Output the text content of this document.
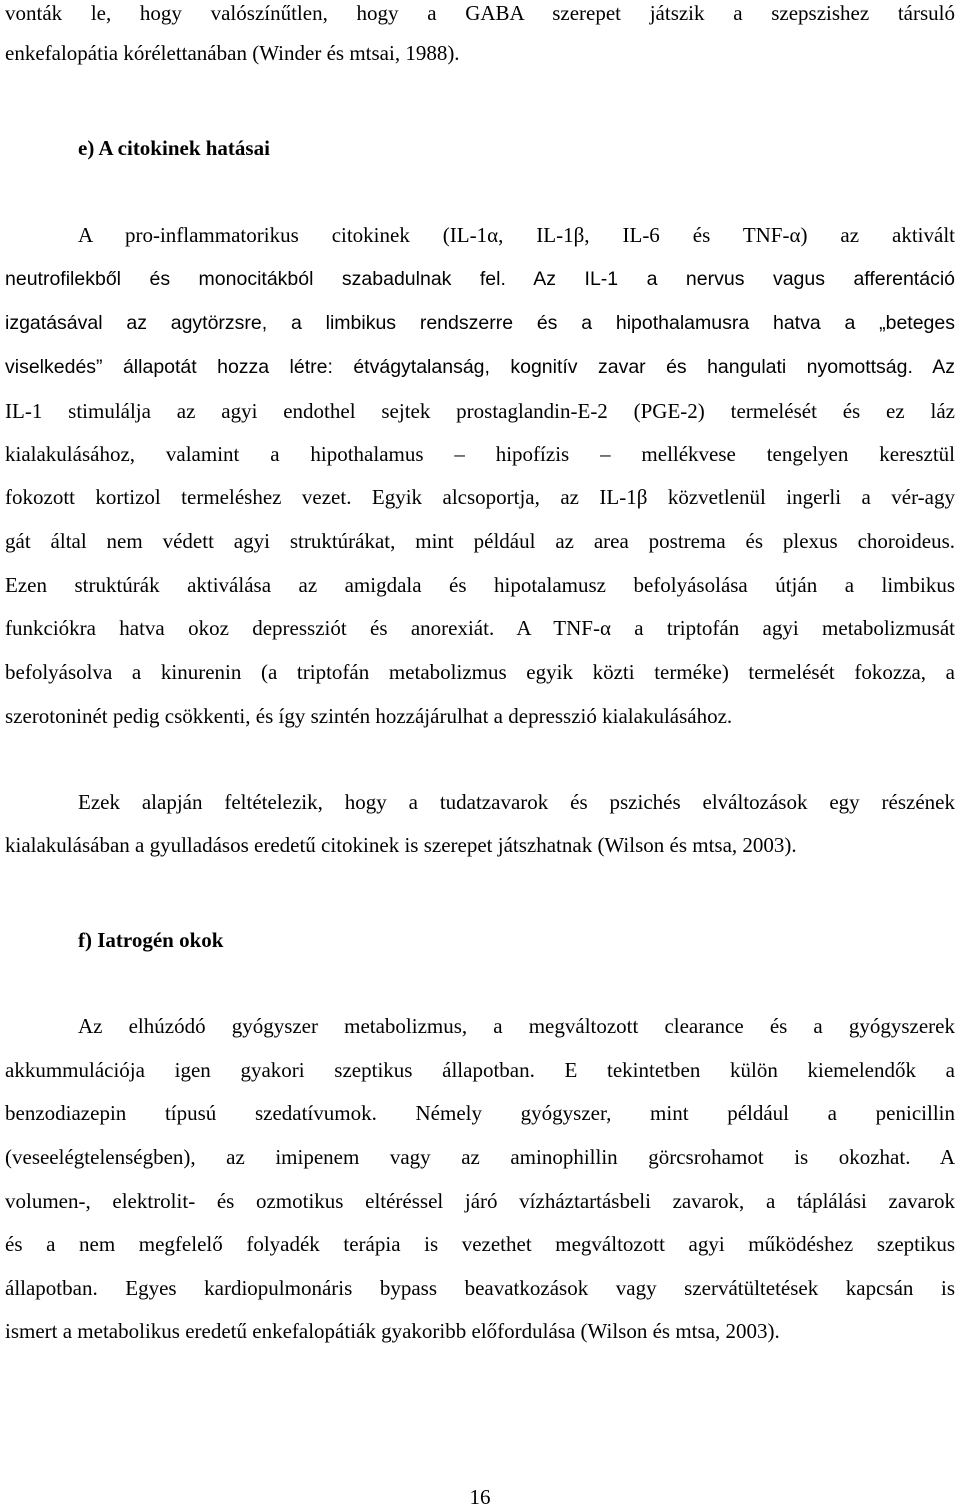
vonták le, hogy valószínűtlen, hogy a GABA szerepet játszik a szepszishez társuló
enkefalopátia kórélettanában (Winder és mtsai, 1988).
e) A citokinek hatásai
A pro-inflammatorikus citokinek (IL-1α, IL-1β, IL-6 és TNF-α) az aktivált
neutrofilekből és monocitákból szabadulnak fel. Az IL-1 a nervus vagus afferentáció
izgatásával az agytörzsre, a limbikus rendszerre és a hipothalamusra hatva a „beteges
viselkedés” állapotát hozza létre: étvágytalanság, kognitív zavar és hangulati nyomottság. Az
IL-1 stimulálja az agyi endothel sejtek prostaglandin-E-2 (PGE-2) termelését és ez láz
kialakulásához, valamint a hipothalamus – hipofízis – mellékvese tengelyen keresztül
fokozott kortizol termeléshez vezet. Egyik alcsoportja, az IL-1β közvetlenül ingerli a vér-agy
gát által nem védett agyi struktúrákat, mint például az area postrema és plexus choroideus.
Ezen struktúrák aktiválása az amigdala és hipotalamusz befolyásolása útján a limbikus
funkciókra hatva okoz depressziót és anorexiát. A TNF-α a triptofán agyi metabolizmusát
befolyásolva a kinurenin (a triptofán metabolizmus egyik közti terméke) termelését fokozza, a
szerotoninét pedig csökkenti, és így szintén hozzájárulhat a depresszió kialakulásához.
Ezek alapján feltételezik, hogy a tudatzavarok és pszichés elváltozások egy részének
kialakulásában a gyulladásos eredetű citokinek is szerepet játszhatnak (Wilson és mtsa, 2003).
f) Iatrogén okok
Az elhúzódó gyógyszer metabolizmus, a megváltozott clearance és a gyógyszerek
akkummulációja igen gyakori szeptikus állapotban. E tekintetben külön kiemelendők a
benzodiazepin típusú szedatívumok. Némely gyógyszer, mint például a penicillin
(veseelégtelenségben), az imipenem vagy az aminophillin görcsrohamot is okozhat. A
volumen-, elektrolit- és ozmotikus eltéréssel járó vízháztartásbeli zavarok, a táplálási zavarok
és a nem megfelelő folyadék terápia is vezethet megváltozott agyi működéshez szeptikus
állapotban. Egyes kardiopulmonáris bypass beavatkozások vagy szervátültetések kapcsán is
ismert a metabolikus eredetű enkefalopátiák gyakoribb előfordulása (Wilson és mtsa, 2003).
16
